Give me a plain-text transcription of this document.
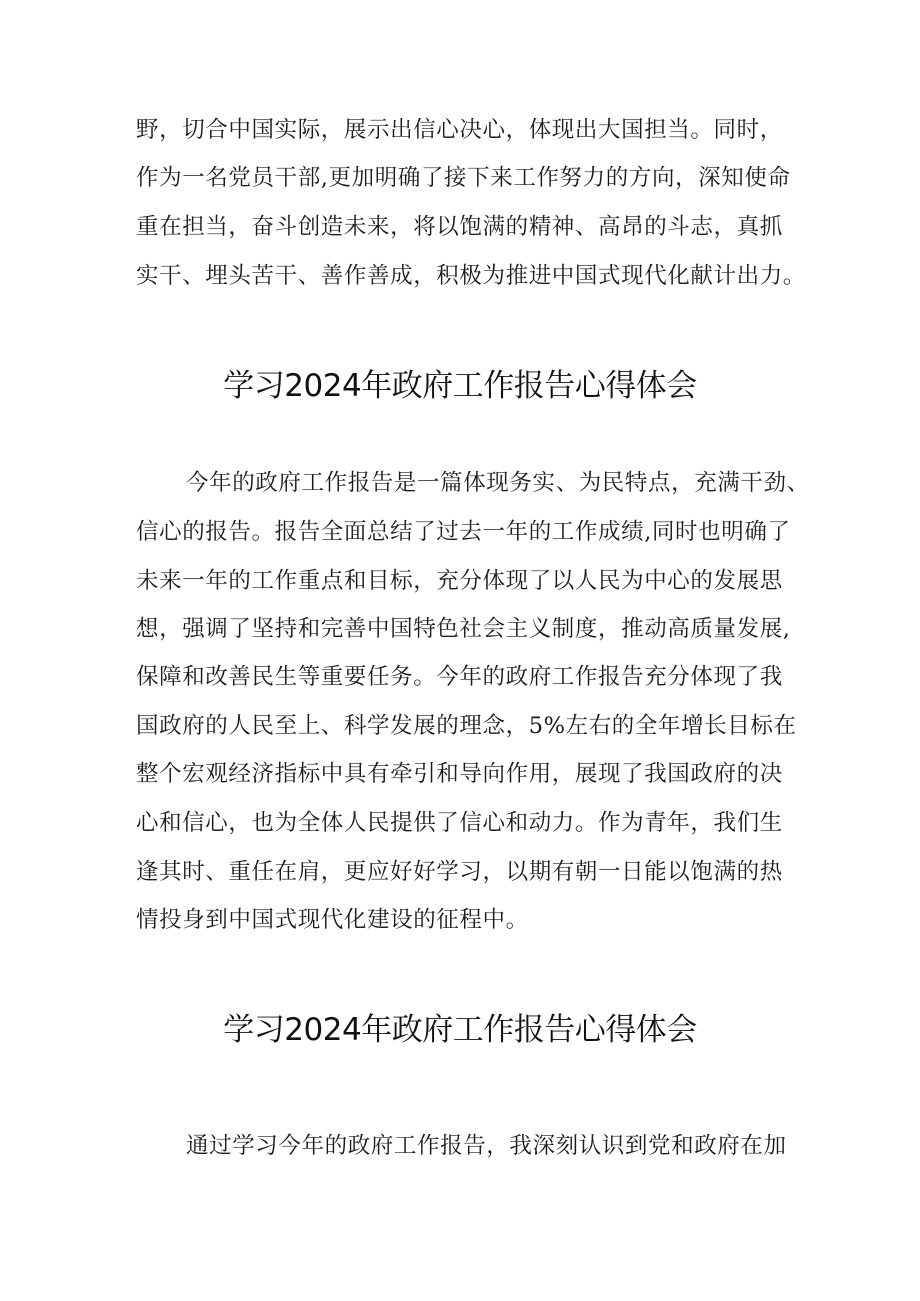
野，切合中国实际，展示出信心决心，体现出大国担当。同时，
作为一名党员干部,更加明确了接下来工作努力的方向，深知使命
重在担当，奋斗创造未来，将以饱满的精神、高昂的斗志，真抓
实干、埋头苦干、善作善成，积极为推进中国式现代化献计出力。
学习2024年政府工作报告心得体会
今年的政府工作报告是一篇体现务实、为民特点，充满干劲、
信心的报告。报告全面总结了过去一年的工作成绩,同时也明确了
未来一年的工作重点和目标，充分体现了以人民为中心的发展思
想，强调了坚持和完善中国特色社会主义制度，推动高质量发展,
保障和改善民生等重要任务。今年的政府工作报告充分体现了我
国政府的人民至上、科学发展的理念，5%左右的全年增长目标在
整个宏观经济指标中具有牵引和导向作用，展现了我国政府的决
心和信心，也为全体人民提供了信心和动力。作为青年，我们生
逢其时、重任在肩，更应好好学习，以期有朝一日能以饱满的热
情投身到中国式现代化建设的征程中。
学习2024年政府工作报告心得体会
通过学习今年的政府工作报告，我深刻认识到党和政府在加
